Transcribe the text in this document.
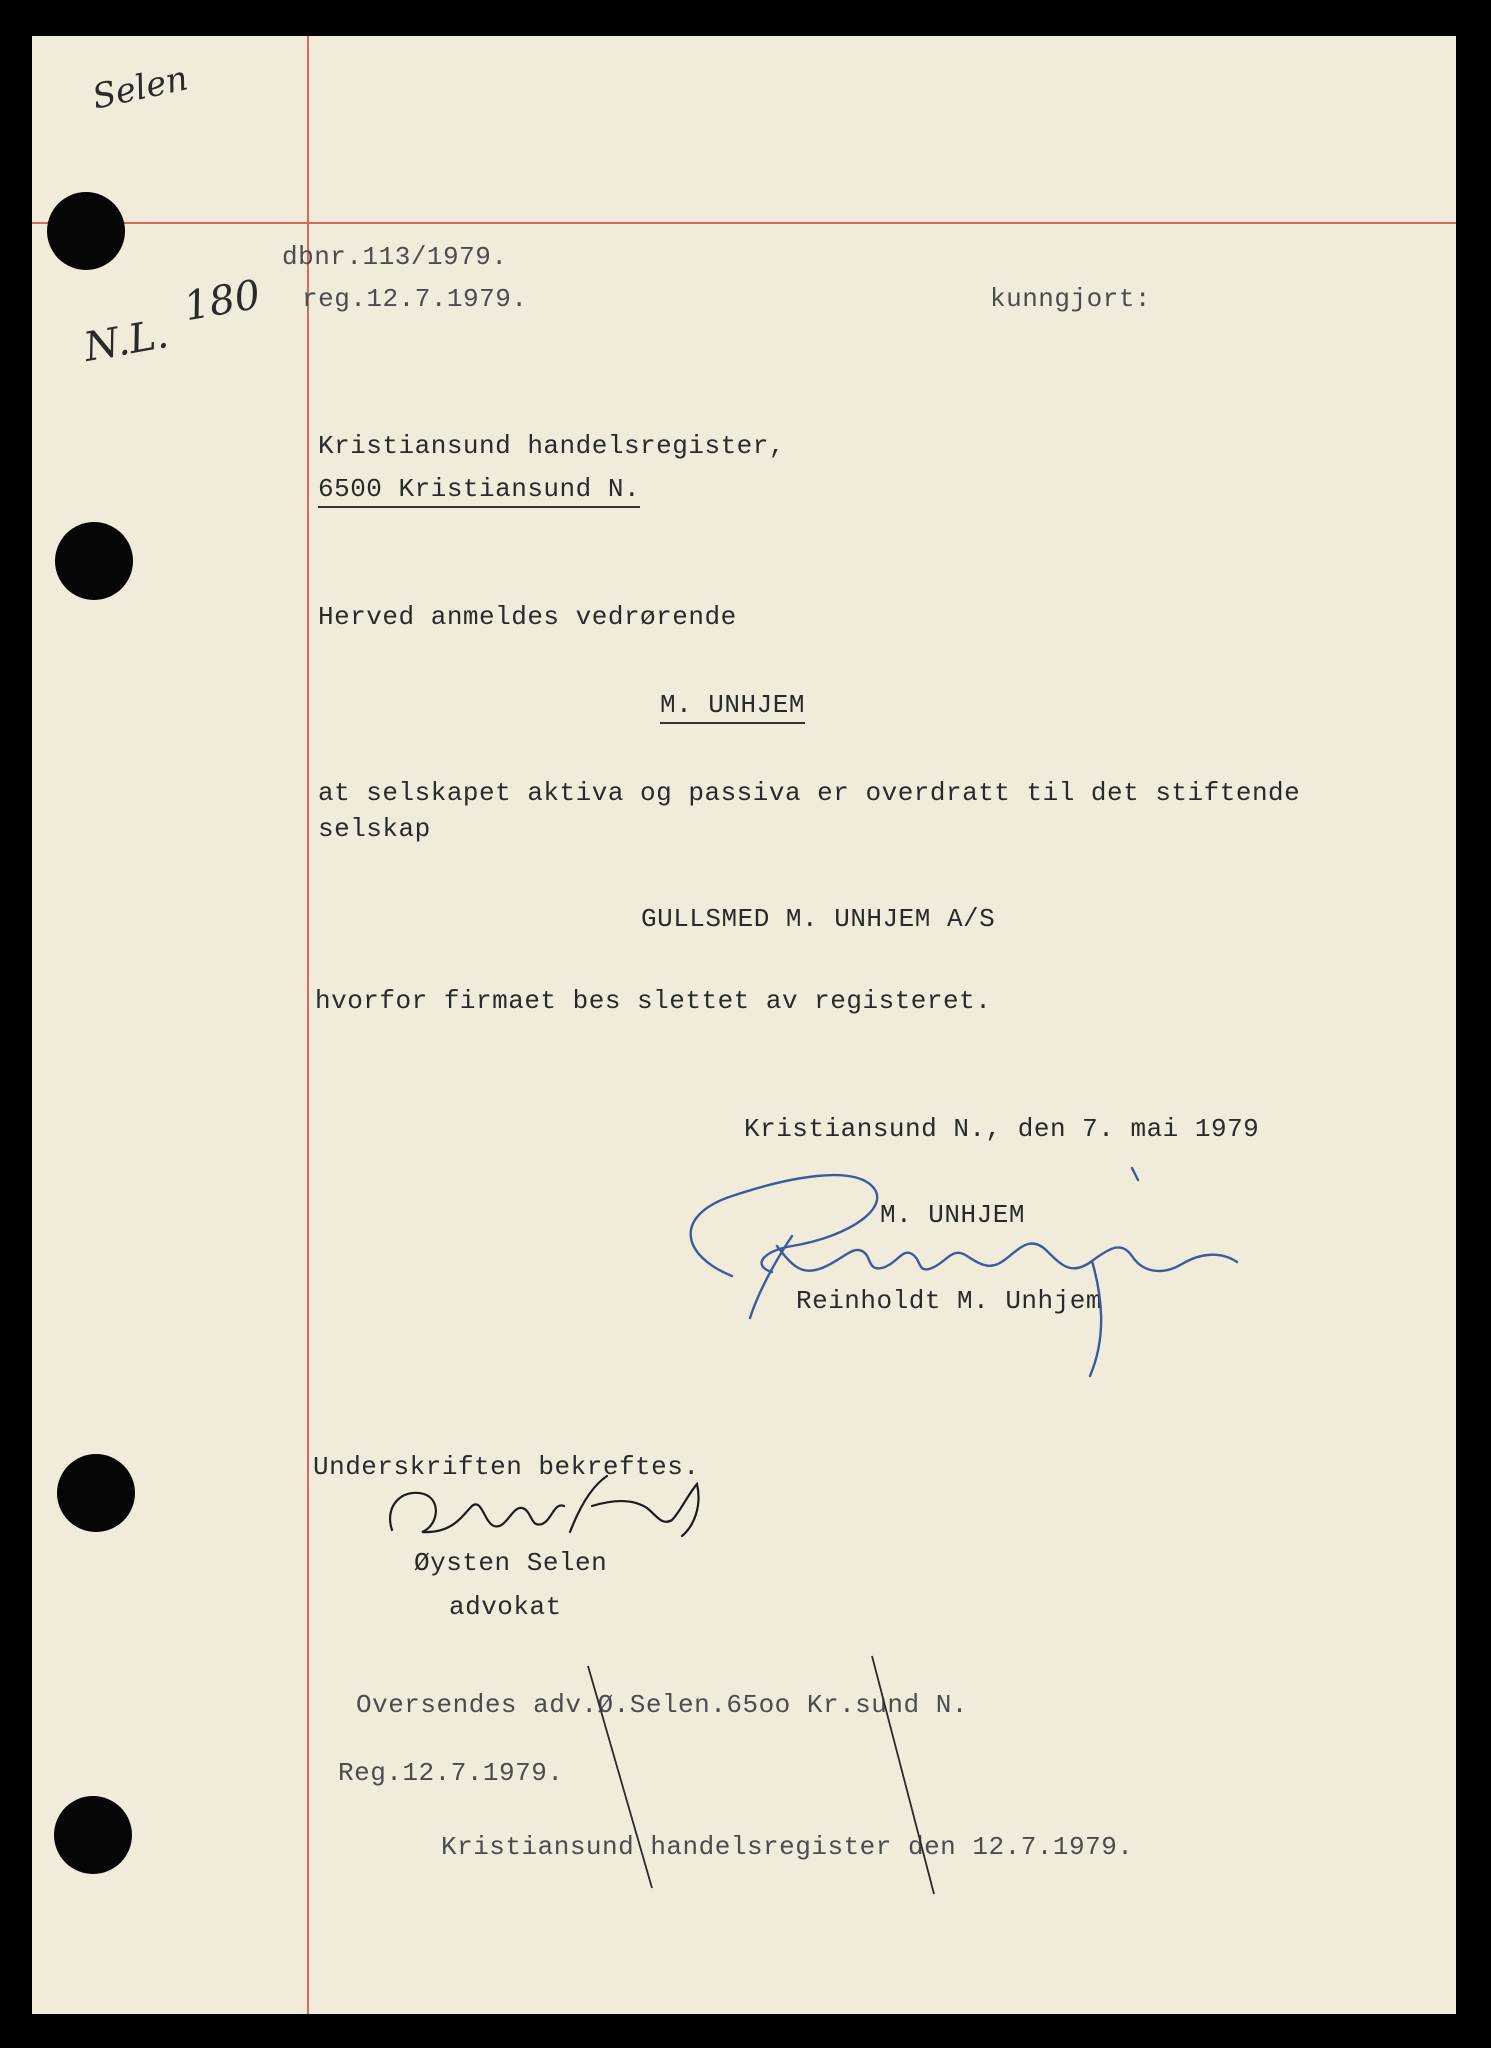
Selen
N.L.
180
dbnr.113/1979.
reg.12.7.1979.	kunngjort:
Kristiansund handelsregister,
6500 Kristiansund N.
Herved anmeldes vedrørende
M. UNHJEM
at selskapet aktiva og passiva er overdratt til det stiftende
selskap
GULLSMED M. UNHJEM A/S
hvorfor firmaet bes slettet av registeret.
Kristiansund N., den 7. mai 1979
M. UNHJEM
Reinholdt M. Unhjem
Underskriften bekreftes.
Øysten Selen
advokat
Oversendes adv.Ø.Selen.65oo Kr.sund N.
Reg.12.7.1979.
Kristiansund handelsregister den 12.7.1979.
